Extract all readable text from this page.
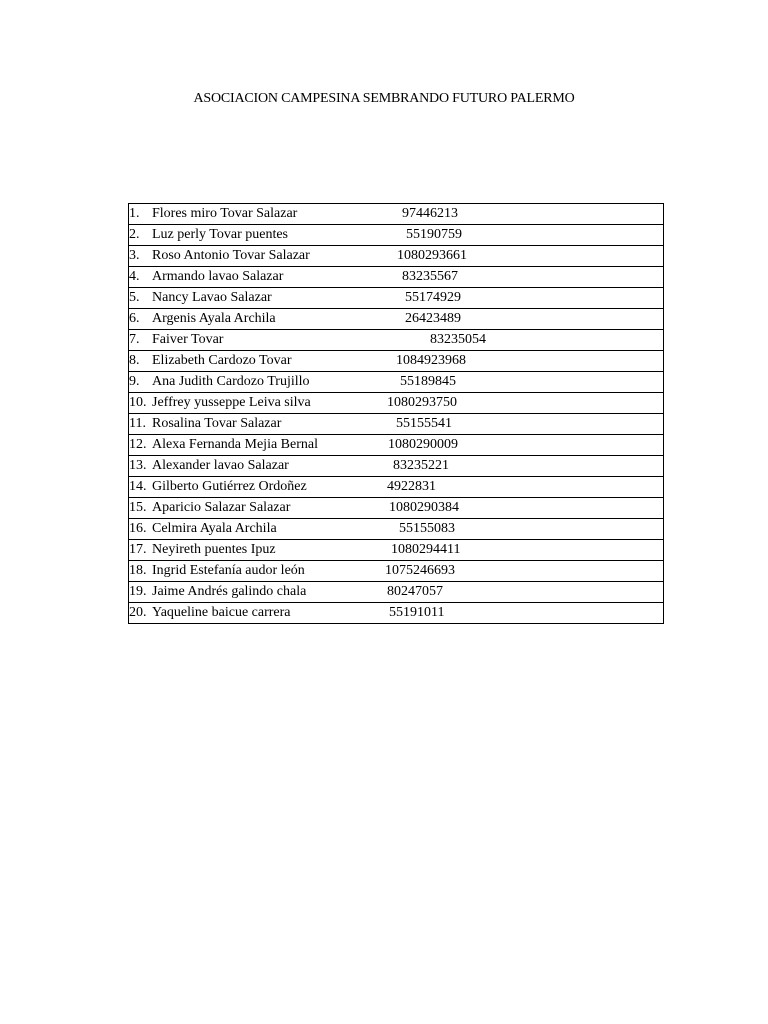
ASOCIACION CAMPESINA SEMBRANDO FUTURO PALERMO
1. Flores miro Tovar Salazar	97446213
2. Luz perly Tovar puentes	55190759
3. Roso Antonio Tovar Salazar	1080293661
4. Armando lavao Salazar	83235567
5. Nancy Lavao Salazar	55174929
6. Argenis Ayala Archila	26423489
7. Faiver Tovar	83235054
8. Elizabeth Cardozo Tovar	1084923968
9. Ana Judith Cardozo Trujillo	55189845
10. Jeffrey yusseppe Leiva silva	1080293750
11. Rosalina Tovar Salazar	55155541
12. Alexa Fernanda Mejia Bernal	1080290009
13. Alexander lavao Salazar	83235221
14. Gilberto Gutiérrez Ordoñez	4922831
15. Aparicio Salazar Salazar	1080290384
16. Celmira Ayala Archila	55155083
17. Neyireth puentes Ipuz	1080294411
18. Ingrid Estefanía audor león	1075246693
19. Jaime Andrés galindo chala	80247057
20. Yaqueline baicue carrera	55191011
